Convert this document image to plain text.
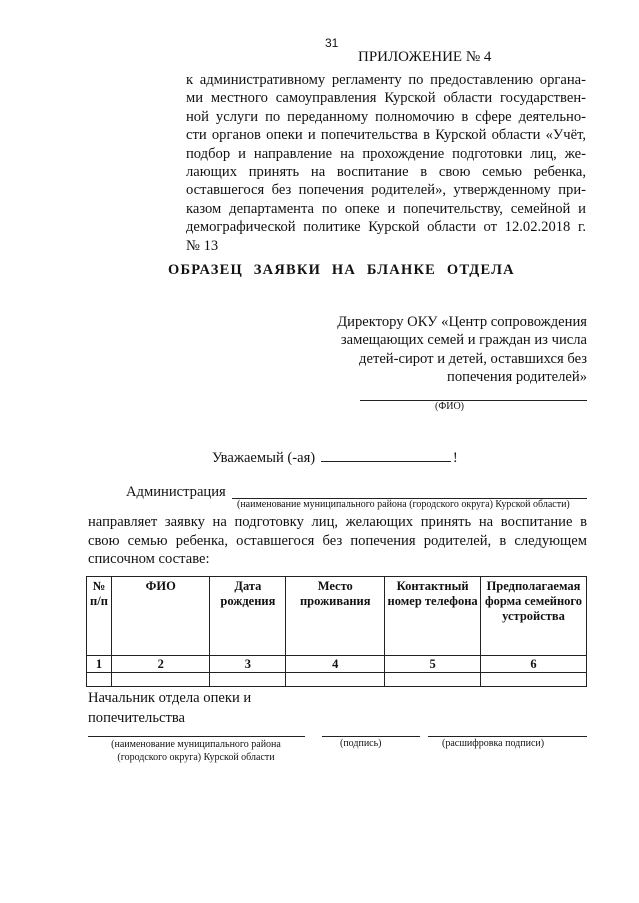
31
ПРИЛОЖЕНИЕ № 4
к административному регламенту по предоставлению органа-
ми местного самоуправления Курской области государствен-
ной услуги по переданному полномочию в сфере деятельно-
сти органов опеки и попечительства в Курской области «Учёт,
подбор и направление на прохождение подготовки лиц, же-
лающих принять на воспитание в свою семью ребенка,
оставшегося без попечения родителей», утвержденному при-
казом департамента по опеке и попечительству, семейной и
демографической политике Курской области от 12.02.2018 г.
№ 13
ОБРАЗЕЦ ЗАЯВКИ НА БЛАНКЕ ОТДЕЛА
Директору ОКУ «Центр сопровождения
замещающих семей и граждан из числа
детей-сирот и детей, оставшихся без
попечения родителей»
(ФИО)
Уважаемый (-ая)	!
Администрация
(наименование муниципального района (городского округа) Курской области)
направляет заявку на подготовку лиц, желающих принять на воспитание в
свою семью ребенка, оставшегося без попечения родителей, в следующем
списочном составе:
№ п/п	ФИО	Дата рождения	Место проживания	Контактный номер телефона	Предполагаемая форма семейного устройства
1	2	3	4	5	6

Начальник отдела опеки и
попечительства
(наименование муниципального района
(городского округа) Курской области
(подпись)	(расшифровка подписи)
